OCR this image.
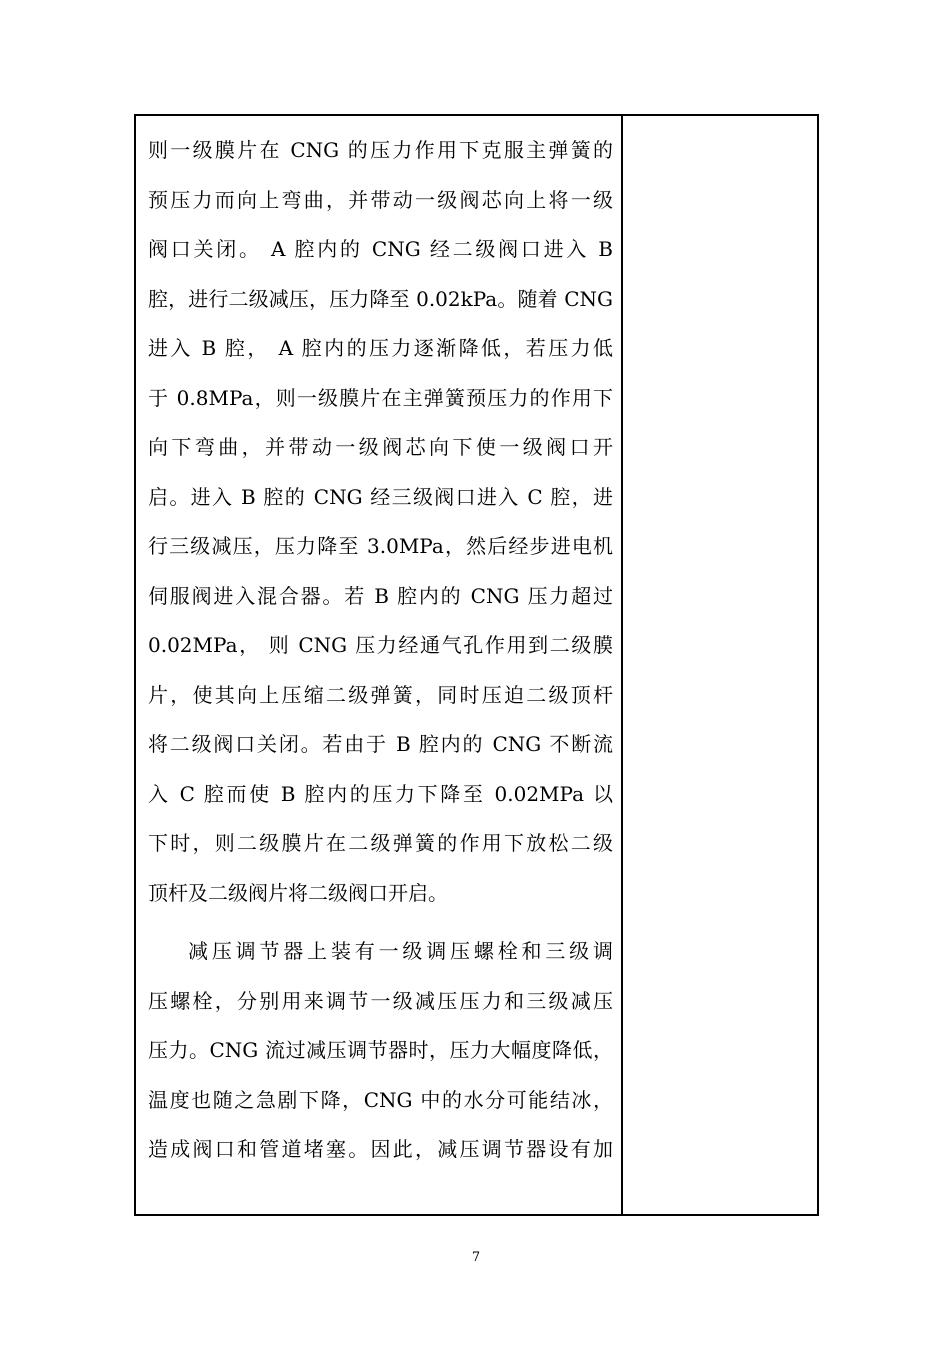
则一级膜片在 CNG 的压力作用下克服主弹簧的
预压力而向上弯曲，并带动一级阀芯向上将一级
阀口关闭。 A 腔内的 CNG 经二级阀口进入 B
腔，进行二级减压，压力降至 0.02kPa。随着 CNG
进入 B 腔， A 腔内的压力逐渐降低，若压力低
于 0.8MPa，则一级膜片在主弹簧预压力的作用下
向下弯曲，并带动一级阀芯向下使一级阀口开
启。进入 B 腔的 CNG 经三级阀口进入 C 腔，进
行三级减压，压力降至 3.0MPa，然后经步进电机
伺服阀进入混合器。若 B 腔内的 CNG 压力超过
0.02MPa， 则 CNG 压力经通气孔作用到二级膜
片，使其向上压缩二级弹簧，同时压迫二级顶杆
将二级阀口关闭。若由于 B 腔内的 CNG 不断流
入 C 腔而使 B 腔内的压力下降至 0.02MPa 以
下时，则二级膜片在二级弹簧的作用下放松二级
顶杆及二级阀片将二级阀口开启。

减压调节器上装有一级调压螺栓和三级调
压螺栓，分别用来调节一级减压压力和三级减压
压力。CNG 流过减压调节器时，压力大幅度降低，
温度也随之急剧下降，CNG 中的水分可能结冰，
造成阀口和管道堵塞。因此，减压调节器设有加

7
